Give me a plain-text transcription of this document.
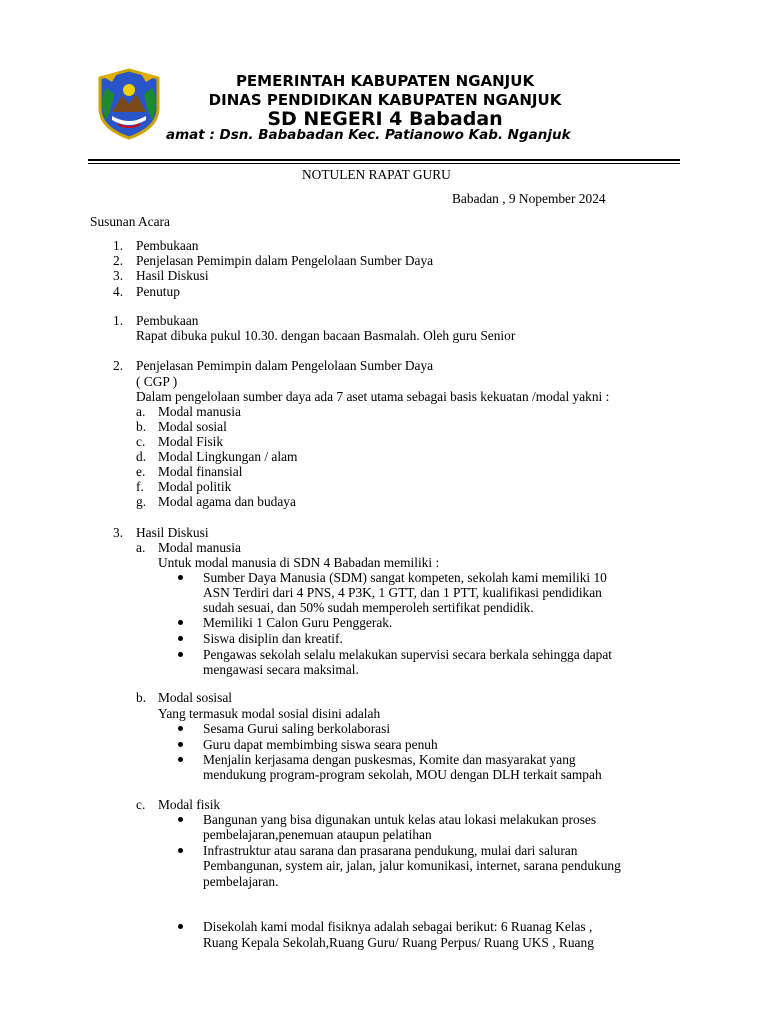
PEMERINTAH KABUPATEN NGANJUK
DINAS PENDIDIKAN KABUPATEN NGANJUK
SD NEGERI 4 Babadan
amat : Dsn. Bababadan Kec. Patianowo Kab. Nganjuk
NOTULEN RAPAT GURU
Babadan , 9 Nopember 2024
Susunan Acara
1. Pembukaan
2. Penjelasan Pemimpin dalam Pengelolaan Sumber Daya
3. Hasil Diskusi
4. Penutup
1. Pembukaan
Rapat dibuka pukul 10.30. dengan bacaan Basmalah. Oleh guru Senior
2. Penjelasan Pemimpin dalam Pengelolaan Sumber Daya
( CGP )
Dalam pengelolaan sumber daya ada 7 aset utama sebagai basis kekuatan /modal yakni :
a. Modal manusia
b. Modal sosial
c. Modal Fisik
d. Modal Lingkungan / alam
e. Modal finansial
f. Modal politik
g. Modal agama dan budaya
3. Hasil Diskusi
a. Modal manusia
Untuk modal manusia di SDN 4 Babadan memiliki :
Sumber Daya Manusia (SDM) sangat kompeten, sekolah kami memiliki 10
ASN Terdiri dari 4 PNS, 4 P3K, 1 GTT, dan 1 PTT, kualifikasi pendidikan
sudah sesuai, dan 50% sudah memperoleh sertifikat pendidik.
Memiliki 1 Calon Guru Penggerak.
Siswa disiplin dan kreatif.
Pengawas sekolah selalu melakukan supervisi secara berkala sehingga dapat
mengawasi secara maksimal.
b. Modal sosisal
Yang termasuk modal sosial disini adalah
Sesama Gurui saling berkolaborasi
Guru dapat membimbing siswa seara penuh
Menjalin kerjasama dengan puskesmas, Komite dan masyarakat yang
mendukung program-program sekolah, MOU dengan DLH terkait sampah
c. Modal fisik
Bangunan yang bisa digunakan untuk kelas atau lokasi melakukan proses
pembelajaran,penemuan ataupun pelatihan
Infrastruktur atau sarana dan prasarana pendukung, mulai dari saluran
Pembangunan, system air, jalan, jalur komunikasi, internet, sarana pendukung
pembelajaran.
Disekolah kami modal fisiknya adalah sebagai berikut: 6 Ruanag Kelas ,
Ruang Kepala Sekolah,Ruang Guru/ Ruang Perpus/ Ruang UKS , Ruang
